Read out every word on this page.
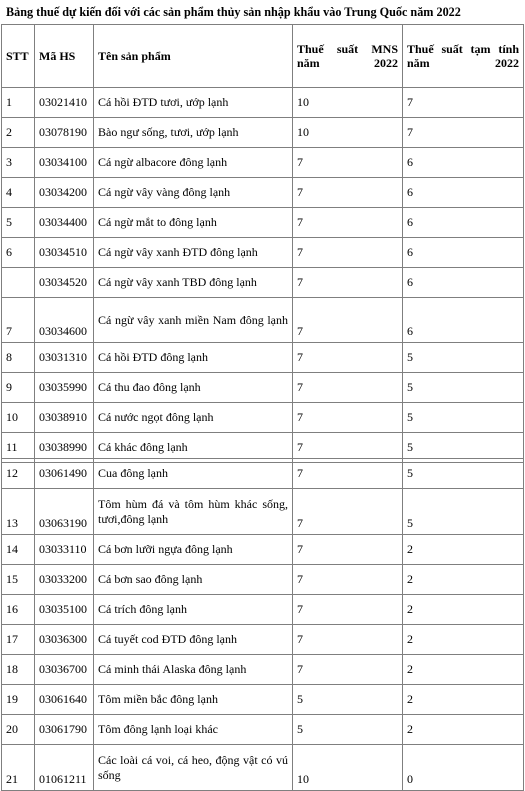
Bảng thuế dự kiến đối với các sản phẩm thủy sản nhập khẩu vào Trung Quốc năm 2022
STT	Mã HS	Tên sản phẩm	Thuế suất MNS năm 2022	Thuế suất tạm tính năm 2022
1	03021410	Cá hồi ĐTD tươi, ướp lạnh	10	7
2	03078190	Bào ngư sống, tươi, ướp lạnh	10	7
3	03034100	Cá ngừ albacore đông lạnh	7	6
4	03034200	Cá ngừ vây vàng đông lạnh	7	6
5	03034400	Cá ngừ mắt to đông lạnh	7	6
6	03034510	Cá ngừ vây xanh ĐTD đông lạnh	7	6
	03034520	Cá ngừ vây xanh TBD đông lạnh	7	6
7	03034600	Cá ngừ vây xanh miền Nam đông lạnh	7	6
8	03031310	Cá hồi ĐTD đông lạnh	7	5
9	03035990	Cá thu đao đông lạnh	7	5
10	03038910	Cá nước ngọt đông lạnh	7	5
11	03038990	Cá khác đông lạnh	7	5
12	03061490	Cua đông lạnh	7	5
13	03063190	Tôm hùm đá và tôm hùm khác sống, tươi,đông lạnh	7	5
14	03033110	Cá bơn lưỡi ngựa đông lạnh	7	2
15	03033200	Cá bơn sao đông lạnh	7	2
16	03035100	Cá trích đông lạnh	7	2
17	03036300	Cá tuyết cod ĐTD đông lạnh	7	2
18	03036700	Cá minh thái Alaska đông lạnh	7	2
19	03061640	Tôm miền bắc đông lạnh	5	2
20	03061790	Tôm đông lạnh loại khác	5	2
21	01061211	Các loài cá voi, cá heo, động vật có vú sống	10	0
